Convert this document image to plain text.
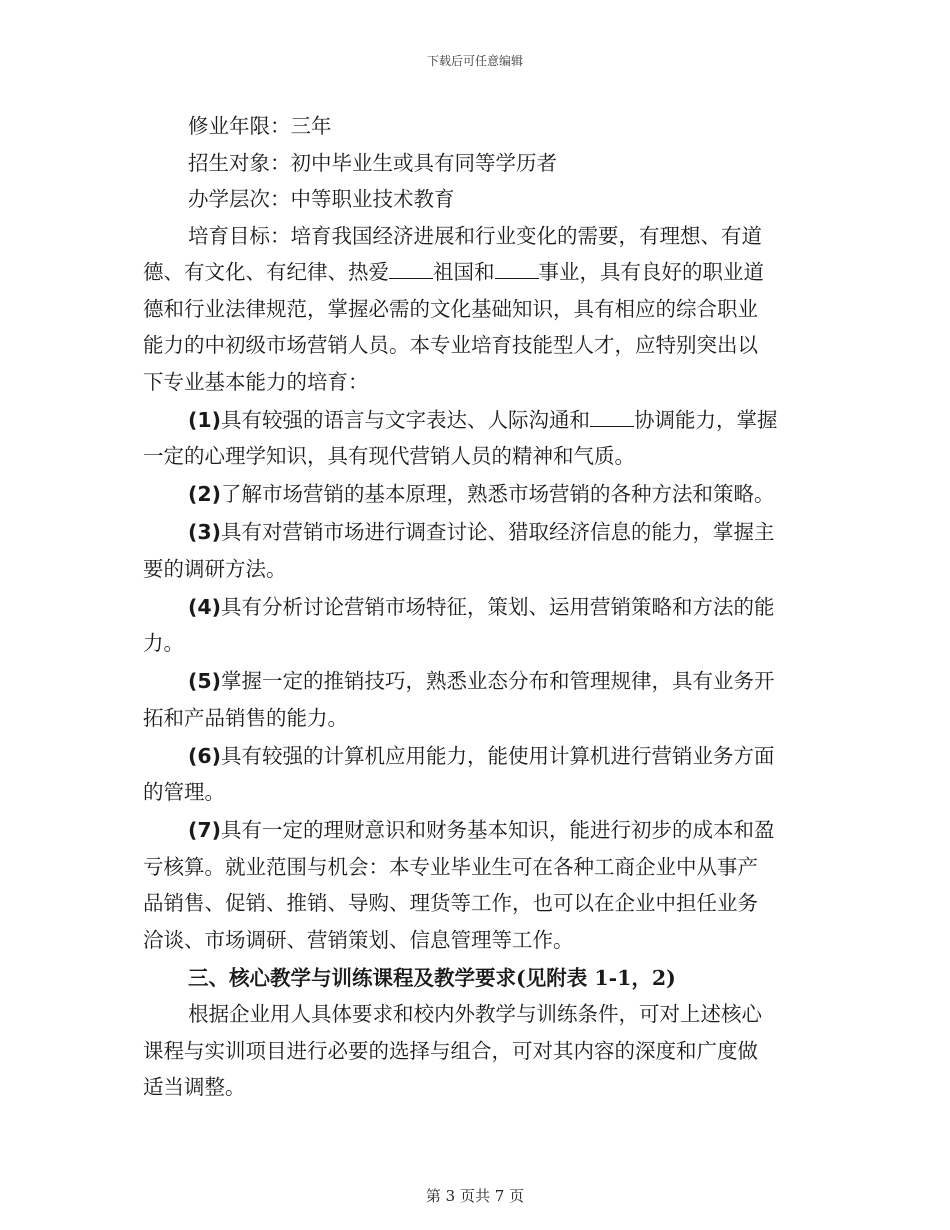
下载后可任意编辑
修业年限：三年
招生对象：初中毕业生或具有同等学历者
办学层次：中等职业技术教育
培育目标：培育我国经济进展和行业变化的需要，有理想、有道
德、有文化、有纪律、热爱 祖国和 事业，具有良好的职业道
德和行业法律规范，掌握必需的文化基础知识，具有相应的综合职业
能力的中初级市场营销人员。本专业培育技能型人才，应特别突出以
下专业基本能力的培育：
(1)具有较强的语言与文字表达、人际沟通和 协调能力，掌握
一定的心理学知识，具有现代营销人员的精神和气质。
(2)了解市场营销的基本原理，熟悉市场营销的各种方法和策略。
(3)具有对营销市场进行调查讨论、猎取经济信息的能力，掌握主
要的调研方法。
(4)具有分析讨论营销市场特征，策划、运用营销策略和方法的能
力。
(5)掌握一定的推销技巧，熟悉业态分布和管理规律，具有业务开
拓和产品销售的能力。
(6)具有较强的计算机应用能力，能使用计算机进行营销业务方面
的管理。
(7)具有一定的理财意识和财务基本知识，能进行初步的成本和盈
亏核算。就业范围与机会：本专业毕业生可在各种工商企业中从事产
品销售、促销、推销、导购、理货等工作，也可以在企业中担任业务
洽谈、市场调研、营销策划、信息管理等工作。
三、核心教学与训练课程及教学要求(见附表 1-1，2)
根据企业用人具体要求和校内外教学与训练条件，可对上述核心
课程与实训项目进行必要的选择与组合，可对其内容的深度和广度做
适当调整。
第 3 页共 7 页
